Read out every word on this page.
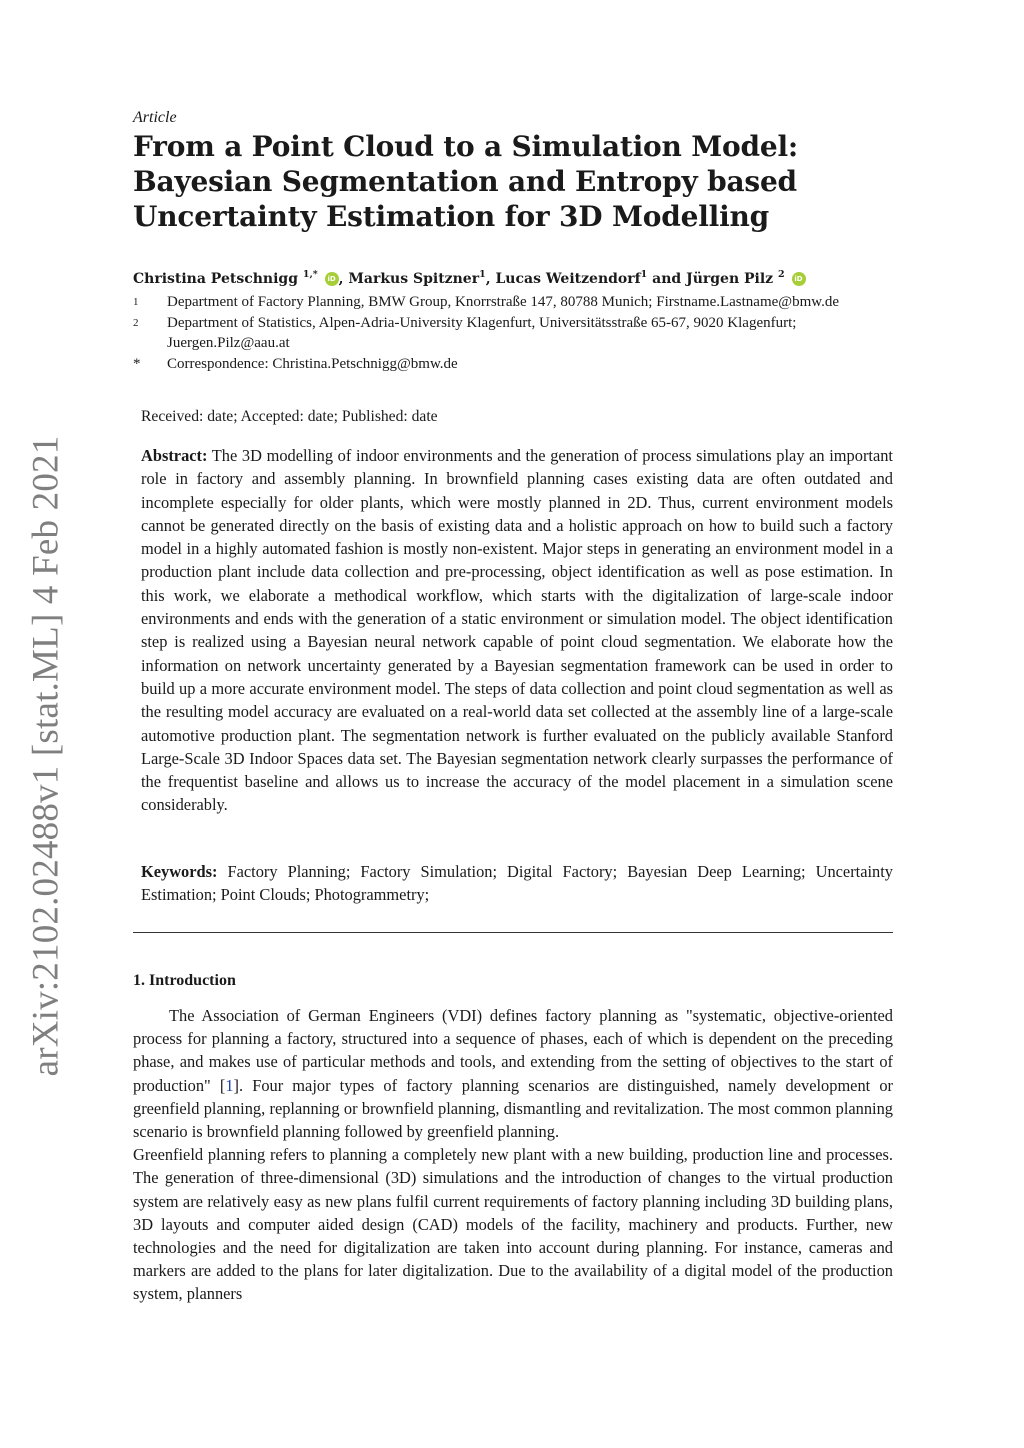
arXiv:2102.02488v1 [stat.ML] 4 Feb 2021
Article
From a Point Cloud to a Simulation Model: Bayesian Segmentation and Entropy based Uncertainty Estimation for 3D Modelling
Christina Petschnigg $^{1,*}$ iD , Markus Spitzner$^1$, Lucas Weitzendorf$^1$ and Jürgen Pilz $^2$ iD
1	Department of Factory Planning, BMW Group, Knorrstraße 147, 80788 Munich; Firstname.Lastname@bmw.de
2	Department of Statistics, Alpen-Adria-University Klagenfurt, Universitätsstraße 65-67, 9020 Klagenfurt; Juergen.Pilz@aau.at
*	Correspondence: Christina.Petschnigg@bmw.de
Received: date; Accepted: date; Published: date
Abstract: The 3D modelling of indoor environments and the generation of process simulations play an important role in factory and assembly planning. In brownfield planning cases existing data are often outdated and incomplete especially for older plants, which were mostly planned in 2D. Thus, current environment models cannot be generated directly on the basis of existing data and a holistic approach on how to build such a factory model in a highly automated fashion is mostly non-existent. Major steps in generating an environment model in a production plant include data collection and pre-processing, object identification as well as pose estimation. In this work, we elaborate a methodical workflow, which starts with the digitalization of large-scale indoor environments and ends with the generation of a static environment or simulation model. The object identification step is realized using a Bayesian neural network capable of point cloud segmentation. We elaborate how the information on network uncertainty generated by a Bayesian segmentation framework can be used in order to build up a more accurate environment model. The steps of data collection and point cloud segmentation as well as the resulting model accuracy are evaluated on a real-world data set collected at the assembly line of a large-scale automotive production plant. The segmentation network is further evaluated on the publicly available Stanford Large-Scale 3D Indoor Spaces data set. The Bayesian segmentation network clearly surpasses the performance of the frequentist baseline and allows us to increase the accuracy of the model placement in a simulation scene considerably.
Keywords: Factory Planning; Factory Simulation; Digital Factory; Bayesian Deep Learning; Uncertainty Estimation; Point Clouds; Photogrammetry;
1. Introduction

The Association of German Engineers (VDI) defines factory planning as "systematic, objective-oriented process for planning a factory, structured into a sequence of phases, each of which is dependent on the preceding phase, and makes use of particular methods and tools, and extending from the setting of objectives to the start of production" [1]. Four major types of factory planning scenarios are distinguished, namely development or greenfield planning, replanning or brownfield planning, dismantling and revitalization. The most common planning scenario is brownfield planning followed by greenfield planning.

Greenfield planning refers to planning a completely new plant with a new building, production line and processes. The generation of three-dimensional (3D) simulations and the introduction of changes to the virtual production system are relatively easy as new plans fulfil current requirements of factory planning including 3D building plans, 3D layouts and computer aided design (CAD) models of the facility, machinery and products. Further, new technologies and the need for digitalization are taken into account during planning. For instance, cameras and markers are added to the plans for later digitalization. Due to the availability of a digital model of the production system, planners
